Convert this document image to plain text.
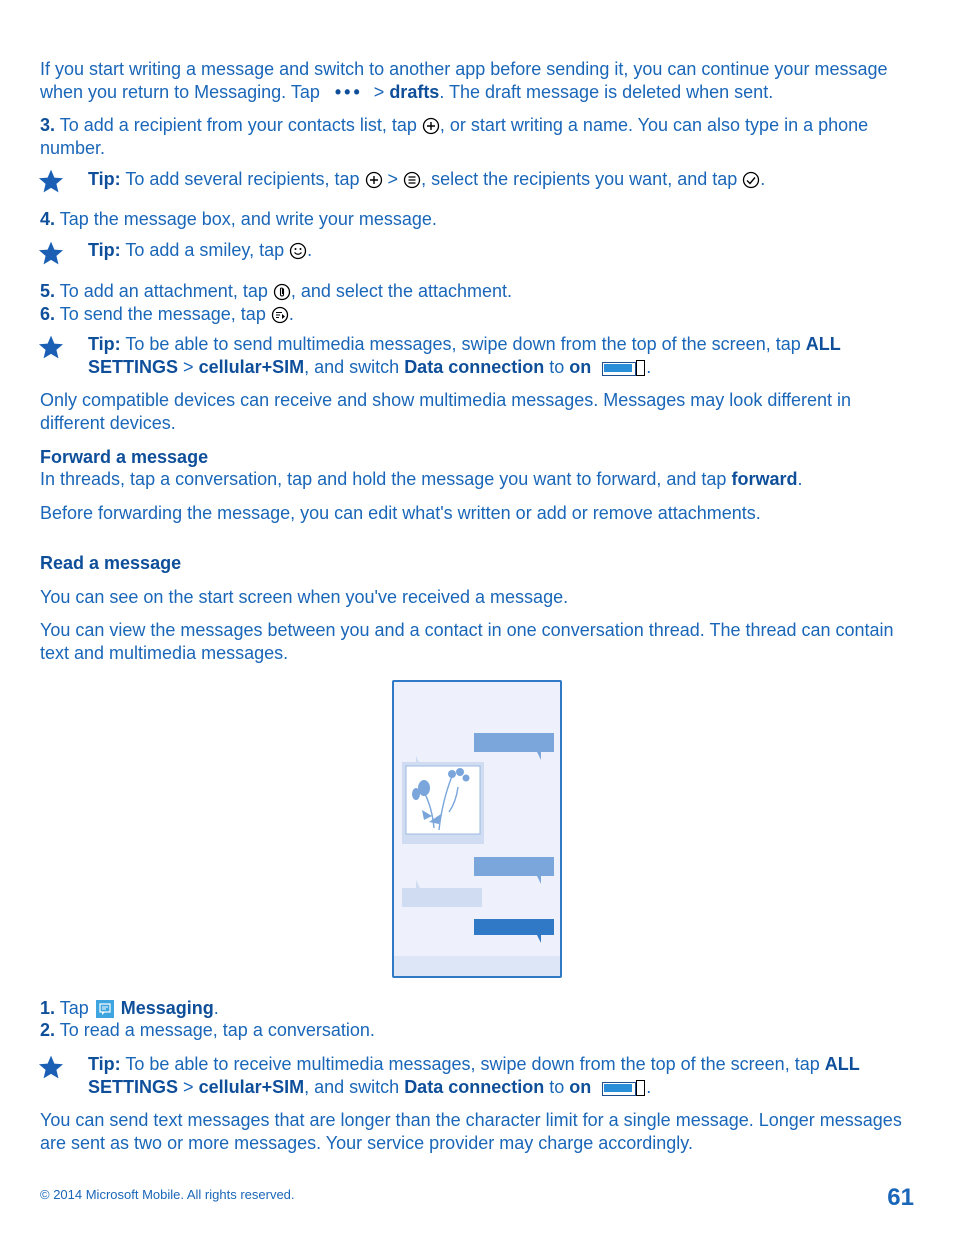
If you start writing a message and switch to another app before sending it, you can continue your message when you return to Messaging. Tap ••• > drafts. The draft message is deleted when sent.
3. To add a recipient from your contacts list, tap , or start writing a name. You can also type in a phone number.
Tip: To add several recipients, tap > , select the recipients you want, and tap .
4. Tap the message box, and write your message.
Tip: To add a smiley, tap .
5. To add an attachment, tap , and select the attachment.
6. To send the message, tap .
Tip: To be able to send multimedia messages, swipe down from the top of the screen, tap ALL SETTINGS > cellular+SIM, and switch Data connection to on	.
Only compatible devices can receive and show multimedia messages. Messages may look different in different devices.
Forward a message
In threads, tap a conversation, tap and hold the message you want to forward, and tap forward.
Before forwarding the message, you can edit what's written or add or remove attachments.
Read a message
You can see on the start screen when you've received a message.
You can view the messages between you and a contact in one conversation thread. The thread can contain text and multimedia messages.
1. Tap Messaging.
2. To read a message, tap a conversation.
Tip: To be able to receive multimedia messages, swipe down from the top of the screen, tap ALL SETTINGS > cellular+SIM, and switch Data connection to on	.
You can send text messages that are longer than the character limit for a single message. Longer messages are sent as two or more messages. Your service provider may charge accordingly.
© 2014 Microsoft Mobile. All rights reserved.	61
